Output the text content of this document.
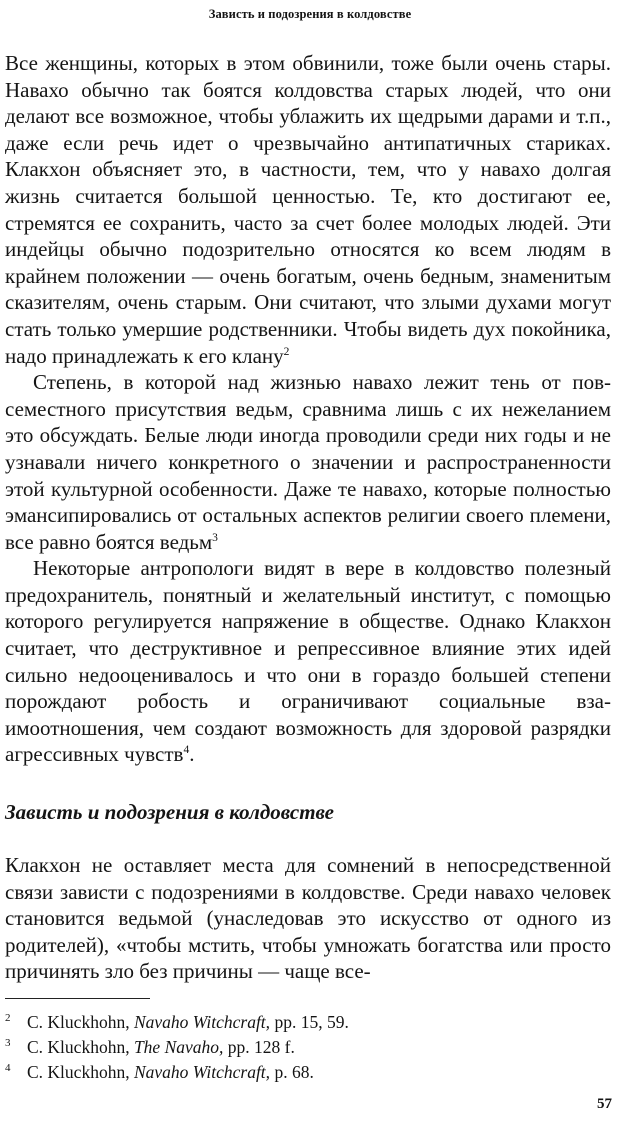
Зависть и подозрения в колдовстве

Все женщины, которых в этом обвинили, тоже были очень стары. Навахо обычно так боятся колдовства старых людей, что они делают все возможное, чтобы ублажить их щедрыми дарами и т.п., даже если речь идет о чрезвычайно антипатичных стариках. Клакхон объясняет это, в частности, тем, что у навахо долгая жизнь считается большой ценностью. Те, кто достигают ее, стремятся ее сохранить, часто за счет более молодых людей. Эти индейцы обычно подозрительно относятся ко всем людям в крайнем положении — очень богатым, очень бедным, знаменитым сказителям, очень старым. Они считают, что злыми духами могут стать только умершие родственники. Чтобы видеть дух покойника, надо принадлежать к его клану$^2$

Степень, в которой над жизнью навахо лежит тень от повсеместного присутствия ведьм, сравнима лишь с их нежеланием это обсуждать. Белые люди иногда проводили среди них годы и не узнавали ничего конкретного о значении и распространенности этой культурной особенности. Даже те навахо, которые полностью эмансипировались от остальных аспектов религии своего племени, все равно боятся ведьм$^3$

Некоторые антропологи видят в вере в колдовство полезный предохранитель, понятный и желательный институт, с помощью которого регулируется напряжение в обществе. Однако Клакхон считает, что деструктивное и репрессивное влияние этих идей сильно недооценивалось и что они в гораздо большей степени порождают робость и ограничивают социальные взаимоотношения, чем создают возможность для здоровой разрядки агрессивных чувств$^4$.

Зависть и подозрения в колдовстве

Клакхон не оставляет места для сомнений в непосредственной связи зависти с подозрениями в колдовстве. Среди навахо человек становится ведьмой (унаследовав это искусство от одного из родителей), «чтобы мстить, чтобы умножать богатства или просто причинять зло без причины — чаще все-

2 C. Kluckhohn, Navaho Witchcraft, pp. 15, 59.
3 C. Kluckhohn, The Navaho, pp. 128 f.
4 C. Kluckhohn, Navaho Witchcraft, p. 68.
57
